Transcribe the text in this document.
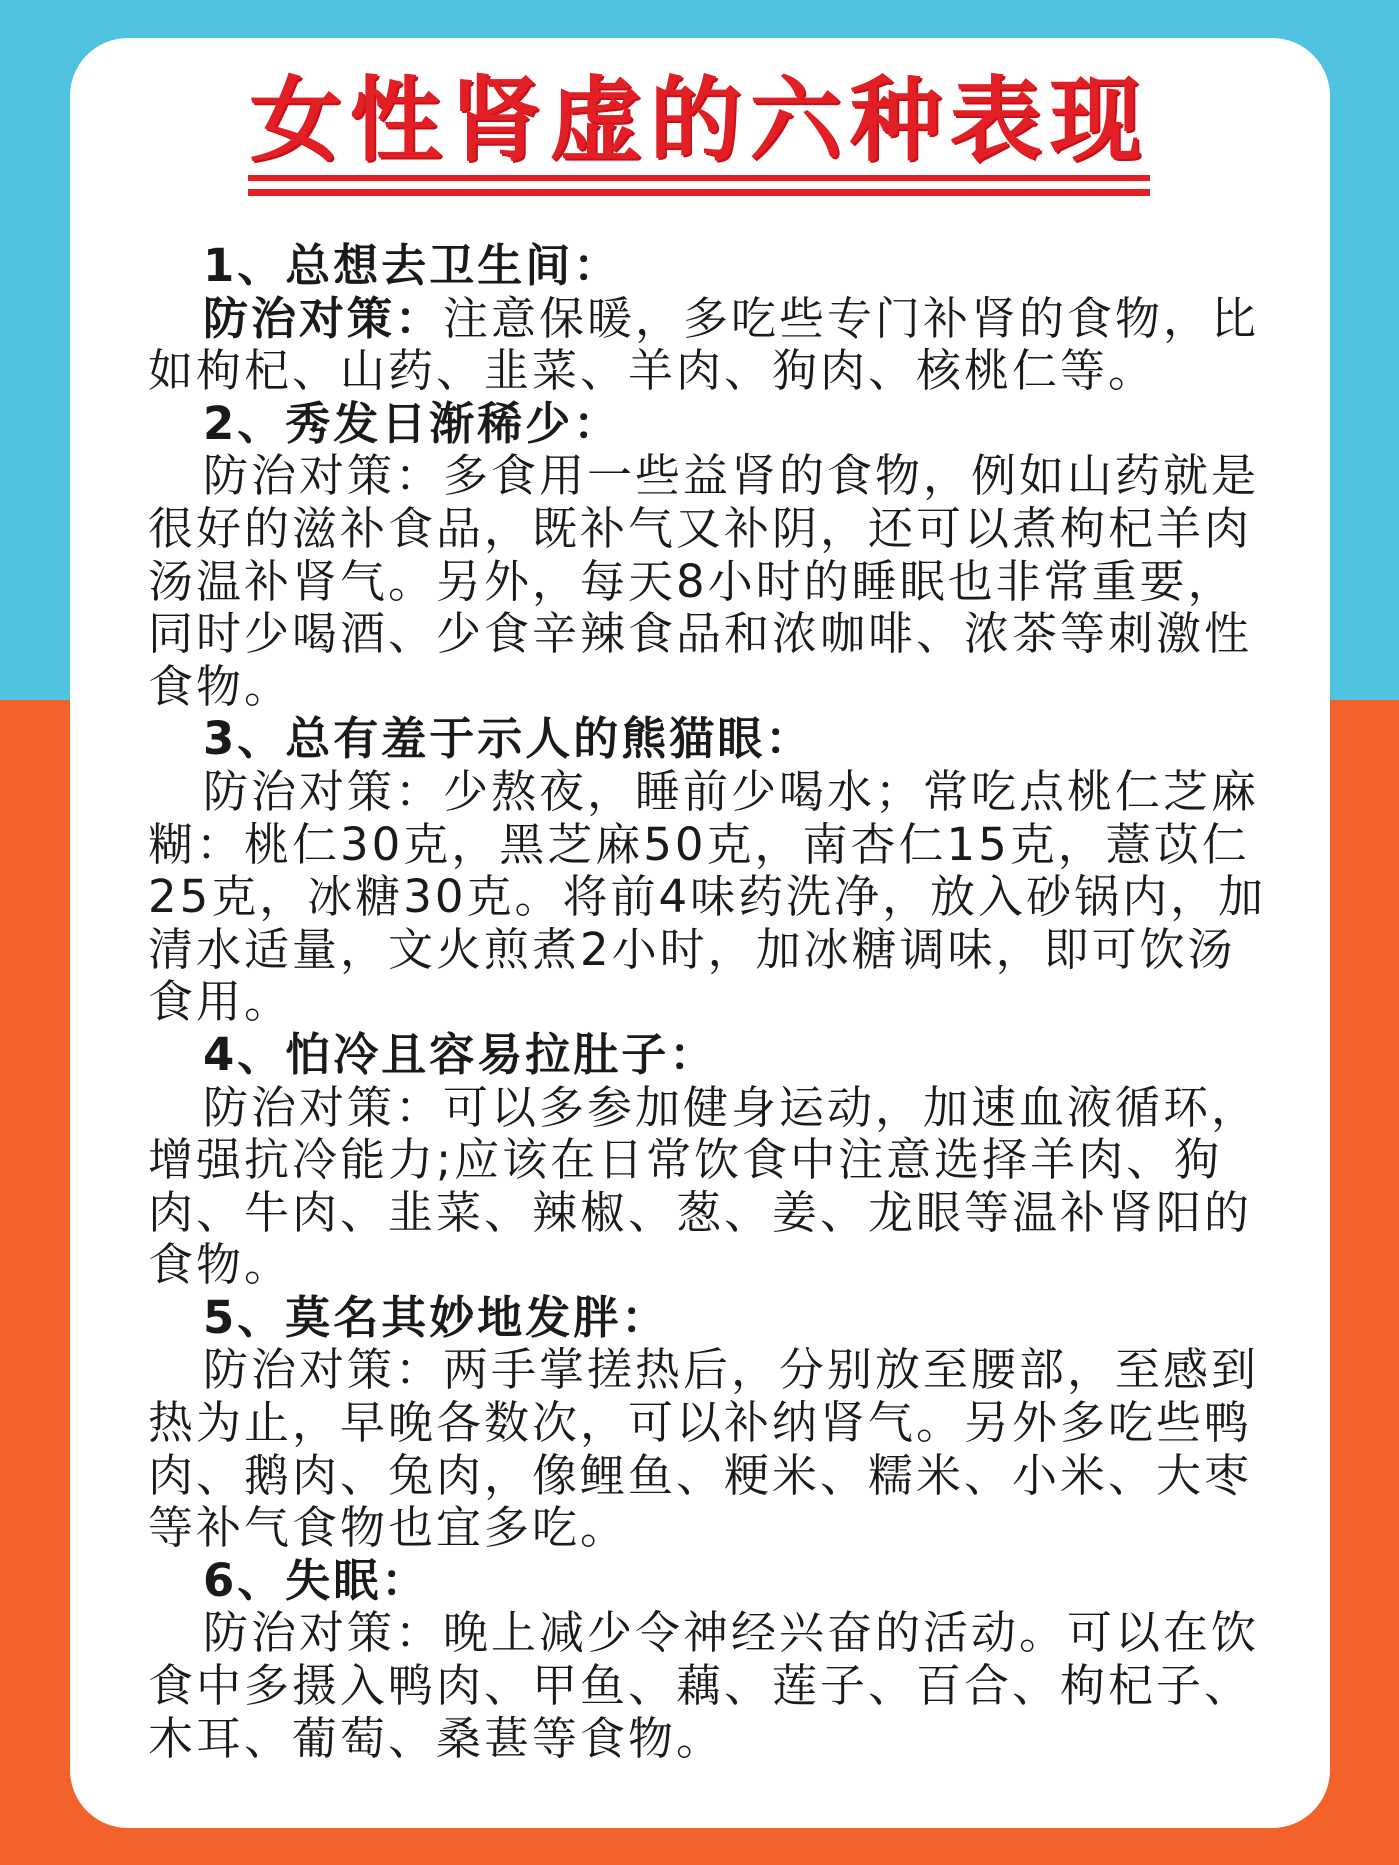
女性肾虚的六种表现

1、总想去卫生间：

防治对策：注意保暖，多吃些专门补肾的食物，比如枸杞、山药、韭菜、羊肉、狗肉、核桃仁等。

2、秀发日渐稀少：

防治对策：多食用一些益肾的食物，例如山药就是很好的滋补食品，既补气又补阴，还可以煮枸杞羊肉汤温补肾气。另外，每天8小时的睡眠也非常重要，同时少喝酒、少食辛辣食品和浓咖啡、浓茶等刺激性食物。

3、总有羞于示人的熊猫眼：

防治对策：少熬夜，睡前少喝水；常吃点桃仁芝麻糊：桃仁30克，黑芝麻50克，南杏仁15克，薏苡仁25克，冰糖30克。将前4味药洗净，放入砂锅内，加清水适量，文火煎煮2小时，加冰糖调味，即可饮汤食用。

4、怕冷且容易拉肚子：

防治对策：可以多参加健身运动，加速血液循环，增强抗冷能力;应该在日常饮食中注意选择羊肉、狗肉、牛肉、韭菜、辣椒、葱、姜、龙眼等温补肾阳的食物。

5、莫名其妙地发胖：

防治对策：两手掌搓热后，分别放至腰部，至感到热为止，早晚各数次，可以补纳肾气。另外多吃些鸭肉、鹅肉、兔肉，像鲤鱼、粳米、糯米、小米、大枣等补气食物也宜多吃。

6、失眠：

防治对策：晚上减少令神经兴奋的活动。可以在饮食中多摄入鸭肉、甲鱼、藕、莲子、百合、枸杞子、木耳、葡萄、桑葚等食物。
